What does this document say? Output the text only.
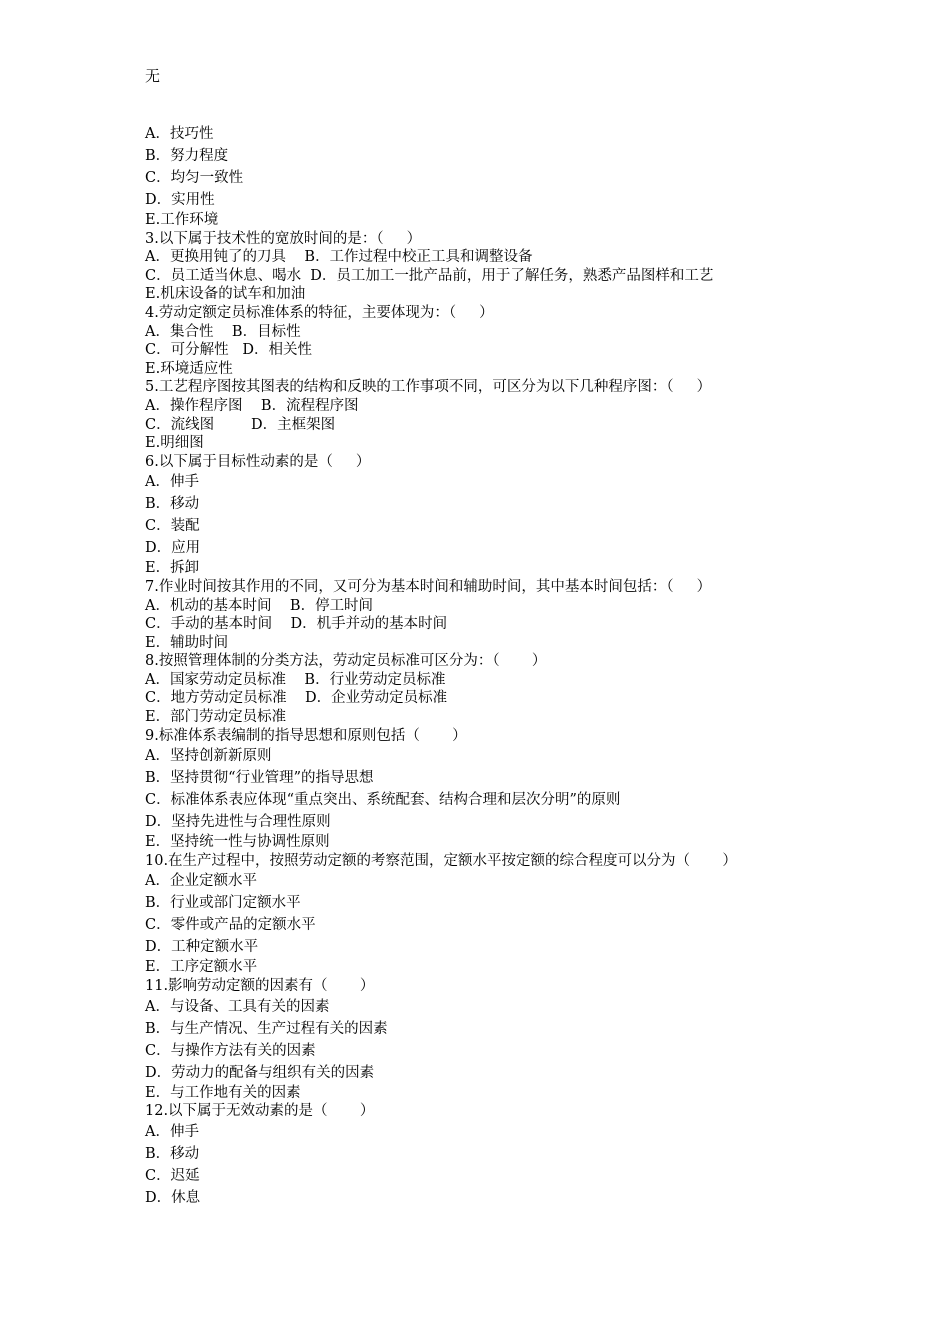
无
A．技巧性
B．努力程度
C．均匀一致性
D．实用性
E.工作环境
3.以下属于技术性的宽放时间的是：（     ）
A．更换用钝了的刀具    B．工作过程中校正工具和调整设备
C．员工适当休息、喝水  D．员工加工一批产品前，用于了解任务，熟悉产品图样和工艺
E.机床设备的试车和加油
4.劳动定额定员标准体系的特征，主要体现为：（     ）
A．集合性    B．目标性
C．可分解性   D．相关性
E.环境适应性
5.工艺程序图按其图表的结构和反映的工作事项不同，可区分为以下几种程序图：（     ）
A．操作程序图    B．流程程序图
C．流线图        D．主框架图
E.明细图
6.以下属于目标性动素的是（     ）
A．伸手
B．移动
C．装配
D．应用
E．拆卸
7.作业时间按其作用的不同，又可分为基本时间和辅助时间，其中基本时间包括：（     ）
A．机动的基本时间    B．停工时间
C．手动的基本时间    D．机手并动的基本时间
E．辅助时间
8.按照管理体制的分类方法，劳动定员标准可区分为：（       ）
A．国家劳动定员标准    B．行业劳动定员标准
C．地方劳动定员标准    D．企业劳动定员标准
E．部门劳动定员标准
9.标准体系表编制的指导思想和原则包括（       ）
A．坚持创新新原则
B．坚持贯彻“行业管理”的指导思想
C．标准体系表应体现“重点突出、系统配套、结构合理和层次分明”的原则
D．坚持先进性与合理性原则
E．坚持统一性与协调性原则
10.在生产过程中，按照劳动定额的考察范围，定额水平按定额的综合程度可以分为（       ）
A．企业定额水平
B．行业或部门定额水平
C．零件或产品的定额水平
D．工种定额水平
E．工序定额水平
11.影响劳动定额的因素有（       ）
A．与设备、工具有关的因素
B．与生产情况、生产过程有关的因素
C．与操作方法有关的因素
D．劳动力的配备与组织有关的因素
E．与工作地有关的因素
12.以下属于无效动素的是（       ）
A．伸手
B．移动
C．迟延
D．休息
